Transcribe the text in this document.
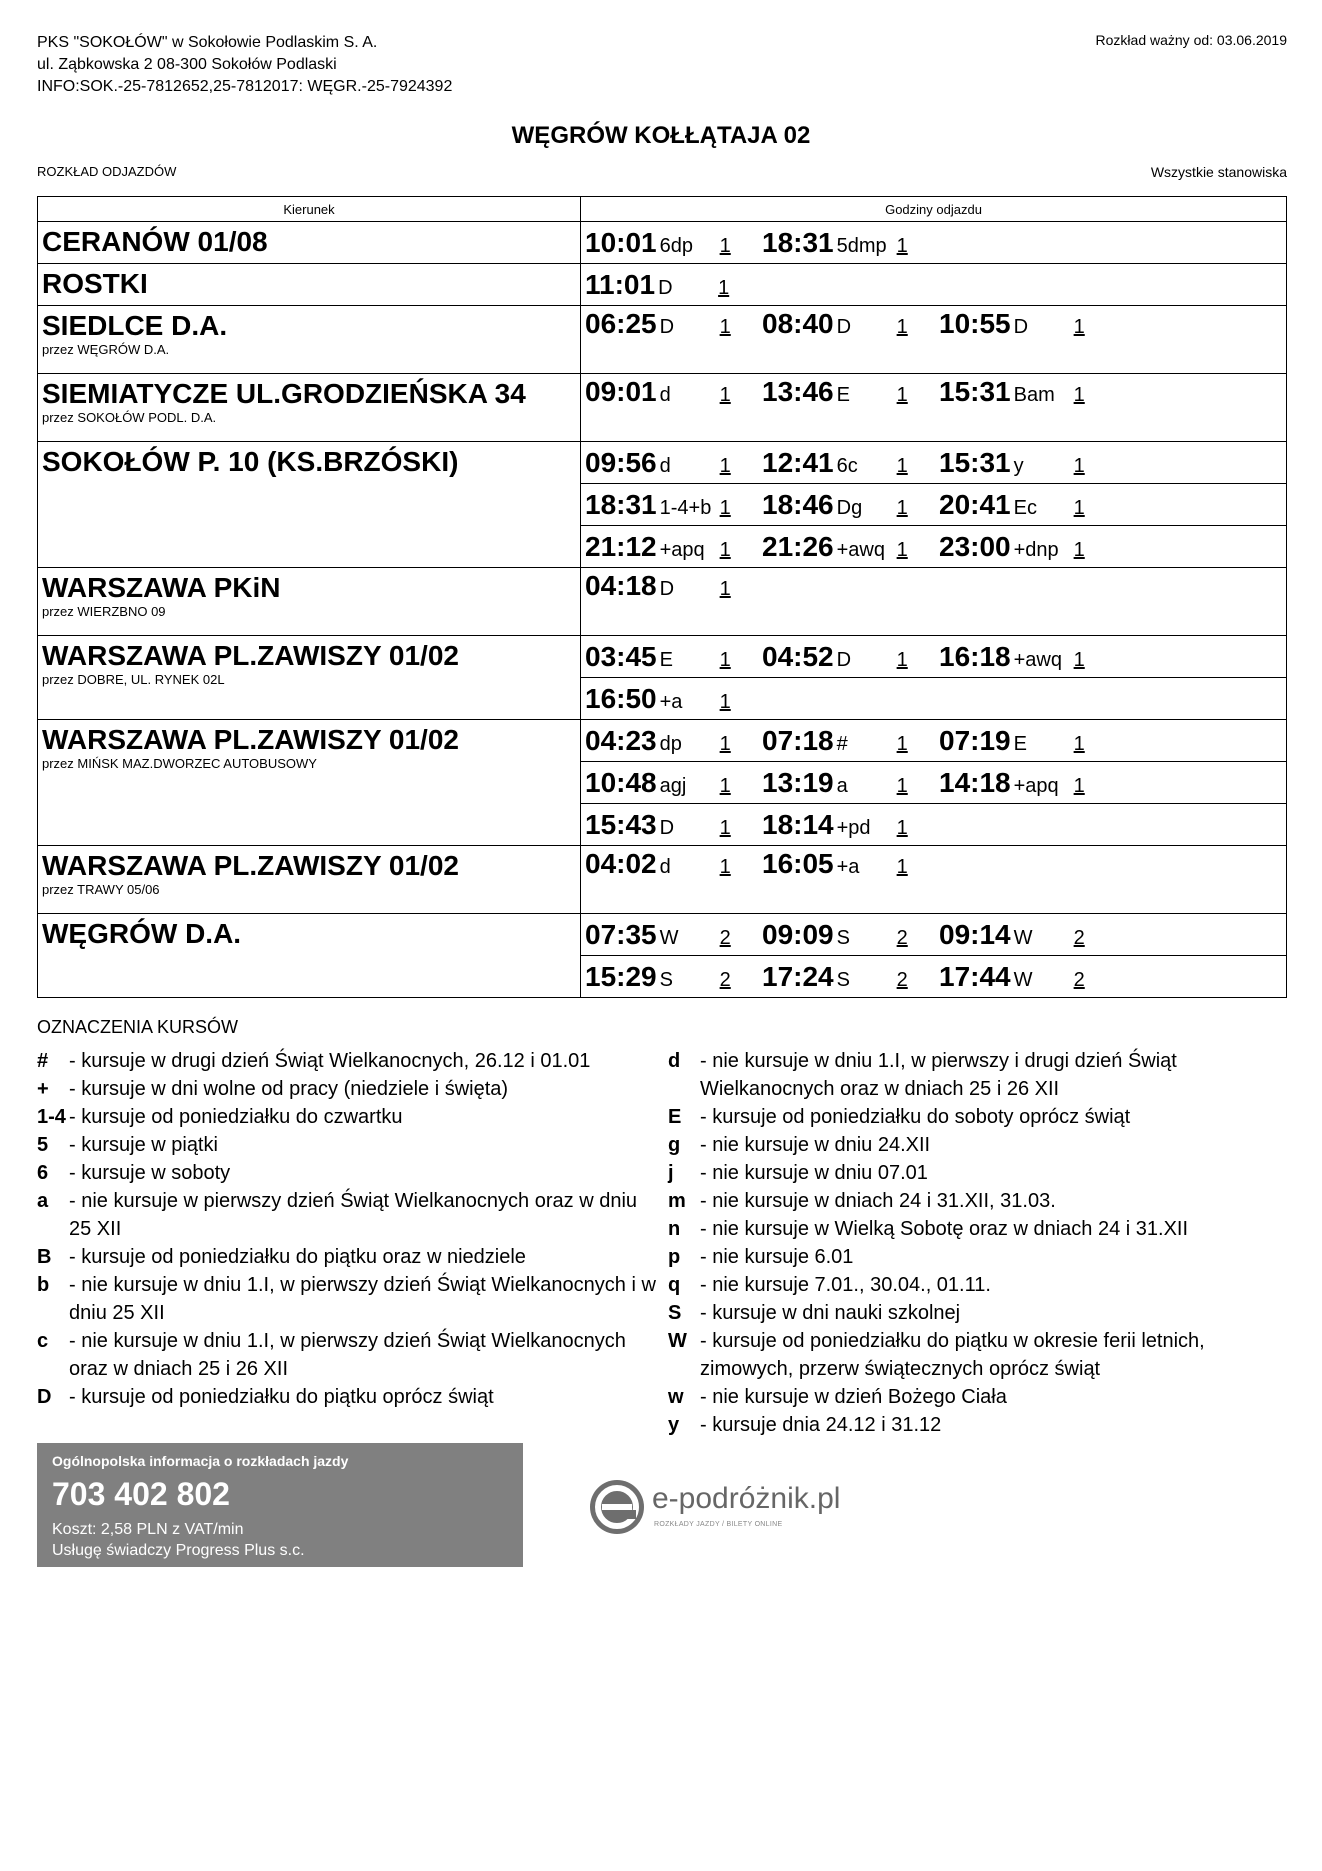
PKS "SOKOŁÓW" w Sokołowie Podlaskim S. A.
ul. Ząbkowska 2 08-300 Sokołów Podlaski
INFO:SOK.-25-7812652,25-7812017: WĘGR.-25-7924392
Rozkład ważny od: 03.06.2019
WĘGRÓW KOŁŁĄTAJA 02
ROZKŁAD ODJAZDÓW	Wszystkie stanowiska
Kierunek	Godziny odjazdu

CERANÓW 01/08	10:01 6dp 1 18:31 5dmp 1

ROSTKI	11:01 D 1

SIEDLCE D.A.
przez WĘGRÓW D.A.	06:25 D 1 08:40 D 1 10:55 D 1

SIEMIATYCZE UL.GRODZIEŃSKA 34
przez SOKOŁÓW PODL. D.A.	09:01 d 1 13:46 E 1 15:31 Bam 1

SOKOŁÓW P. 10 (KS.BRZÓSKI)	09:56 d 1 12:41 6c 1 15:31 y 1
	18:31 1-4+b 1 18:46 Dg 1 20:41 Ec 1
	21:12 +apq 1 21:26 +awq 1 23:00 +dnp 1

WARSZAWA PKiN
przez WIERZBNO 09	04:18 D 1

WARSZAWA PL.ZAWISZY 01/02
przez DOBRE, UL. RYNEK 02L	03:45 E 1 04:52 D 1 16:18 +awq 1
	16:50 +a 1

WARSZAWA PL.ZAWISZY 01/02
przez MIŃSK MAZ.DWORZEC AUTOBUSOWY	04:23 dp 1 07:18 # 1 07:19 E 1
	10:48 agj 1 13:19 a 1 14:18 +apq 1
	15:43 D 1 18:14 +pd 1

WARSZAWA PL.ZAWISZY 01/02
przez TRAWY 05/06	04:02 d 1 16:05 +a 1

WĘGRÓW D.A.	07:35 W 2 09:09 S 2 09:14 W 2
	15:29 S 2 17:24 S 2 17:44 W 2
OZNACZENIA KURSÓW
#	- kursuje w drugi dzień Świąt Wielkanocnych, 26.12 i 01.01
+	- kursuje w dni wolne od pracy (niedziele i święta)
1-4 - kursuje od poniedziałku do czwartku
5	- kursuje w piątki
6	- kursuje w soboty
a	- nie kursuje w pierwszy dzień Świąt Wielkanocnych oraz w dniu 25 XII
B - kursuje od poniedziałku do piątku oraz w niedziele
b - nie kursuje w dniu 1.I, w pierwszy dzień Świąt Wielkanocnych i w dniu 25 XII
c	- nie kursuje w dniu 1.I, w pierwszy dzień Świąt Wielkanocnych oraz w dniach 25 i 26 XII
D - kursuje od poniedziałku do piątku oprócz świąt
d - nie kursuje w dniu 1.I, w pierwszy i drugi dzień Świąt Wielkanocnych oraz w dniach 25 i 26 XII
E - kursuje od poniedziałku do soboty oprócz świąt
g - nie kursuje w dniu 24.XII
j	- nie kursuje w dniu 07.01
m - nie kursuje w dniach 24 i 31.XII, 31.03.
n - nie kursuje w Wielką Sobotę oraz w dniach 24 i 31.XII
p - nie kursuje 6.01
q - nie kursuje 7.01., 30.04., 01.11.
S - kursuje w dni nauki szkolnej
W - kursuje od poniedziałku do piątku w okresie ferii letnich, zimowych, przerw świątecznych oprócz świąt
w - nie kursuje w dzień Bożego Ciała
y	- kursuje dnia 24.12 i 31.12
Ogólnopolska informacja o rozkładach jazdy
703 402 802
Koszt: 2,58 PLN z VAT/min
Usługę świadczy Progress Plus s.c.
e-podróżnik.pl
ROZKŁADY JAZDY / BILETY ONLINE
